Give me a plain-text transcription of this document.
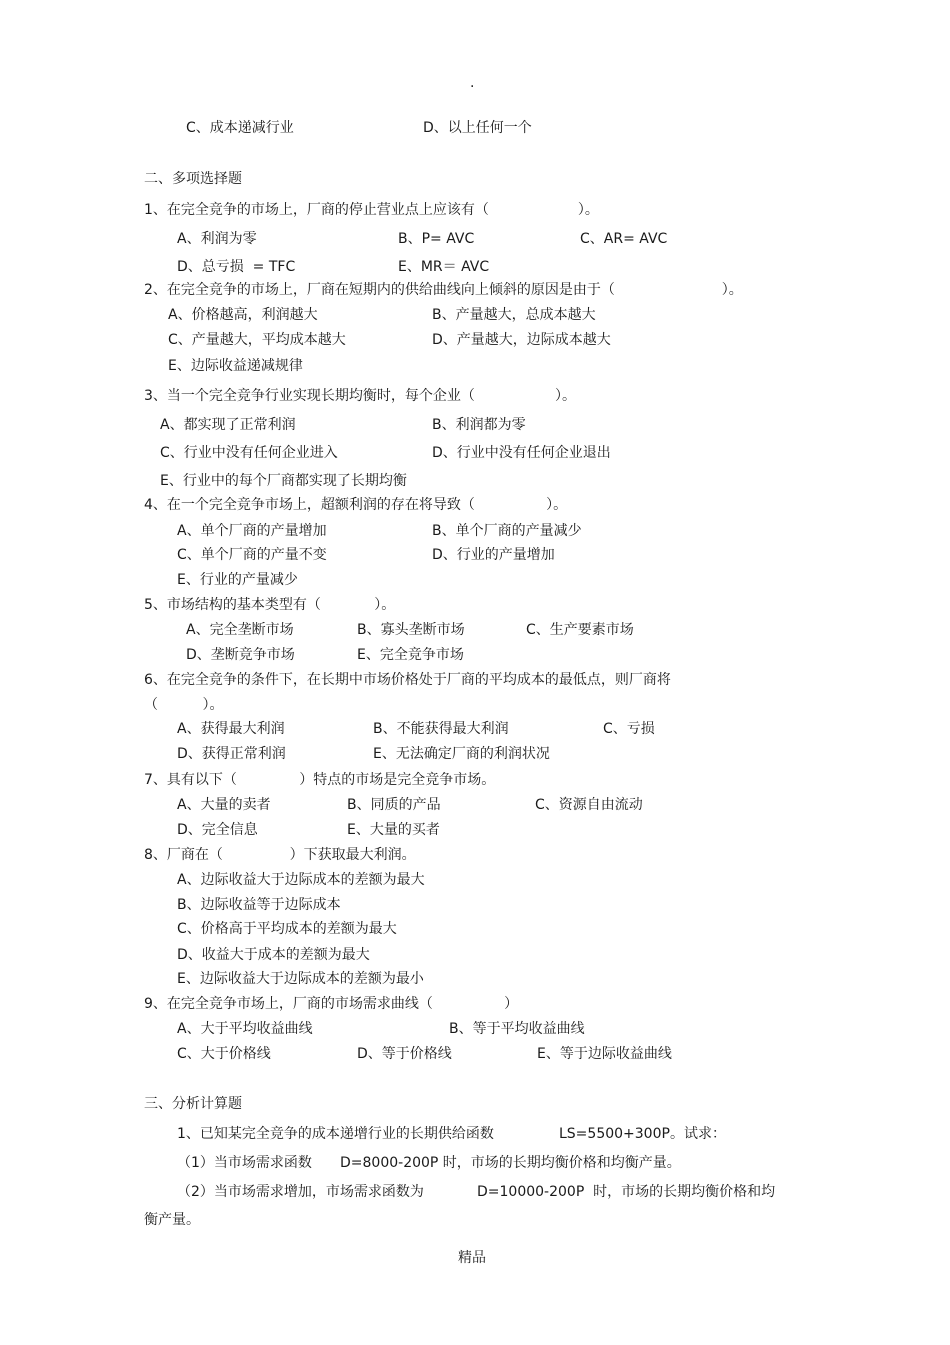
.
C、成本递减行业	D、以上任何一个
二、多项选择题
1、在完全竞争的市场上，厂商的停止营业点上应该有（                    ）。
A、利润为零	B、P= AVC	C、AR= AVC
D、总亏损  = TFC	E、MR＝ AVC
2、在完全竞争的市场上，厂商在短期内的供给曲线向上倾斜的原因是由于（                        ）。
A、价格越高，利润越大	B、产量越大，总成本越大
C、产量越大，平均成本越大	D、产量越大，边际成本越大
E、边际收益递减规律
3、当一个完全竞争行业实现长期均衡时，每个企业（                  ）。
A、都实现了正常利润	B、利润都为零
C、行业中没有任何企业进入	D、行业中没有任何企业退出
E、行业中的每个厂商都实现了长期均衡
4、在一个完全竞争市场上，超额利润的存在将导致（                ）。
A、单个厂商的产量增加	B、单个厂商的产量减少
C、单个厂商的产量不变	D、行业的产量增加
E、行业的产量减少
5、市场结构的基本类型有（            ）。
A、完全垄断市场	B、寡头垄断市场	C、生产要素市场
D、垄断竞争市场	E、完全竞争市场
6、在完全竞争的条件下，在长期中市场价格处于厂商的平均成本的最低点，则厂商将
（          ）。
A、获得最大利润	B、不能获得最大利润	C、亏损
D、获得正常利润	E、无法确定厂商的利润状况
7、具有以下（              ）特点的市场是完全竞争市场。
A、大量的卖者	B、同质的产品	C、资源自由流动
D、完全信息	E、大量的买者
8、厂商在（               ）下获取最大利润。
A、边际收益大于边际成本的差额为最大
B、边际收益等于边际成本
C、价格高于平均成本的差额为最大
D、收益大于成本的差额为最大
E、边际收益大于边际成本的差额为最小
9、在完全竞争市场上，厂商的市场需求曲线（                ）
A、大于平均收益曲线	B、等于平均收益曲线
C、大于价格线	D、等于价格线	E、等于边际收益曲线
三、分析计算题
1、已知某完全竞争的成本递增行业的长期供给函数	LS=5500+300P。试求：
（1）当市场需求函数 D=8000-200P 时，市场的长期均衡价格和均衡产量。
（2）当市场需求增加，市场需求函数为	D=10000-200P  时，市场的长期均衡价格和均
衡产量。
精品
